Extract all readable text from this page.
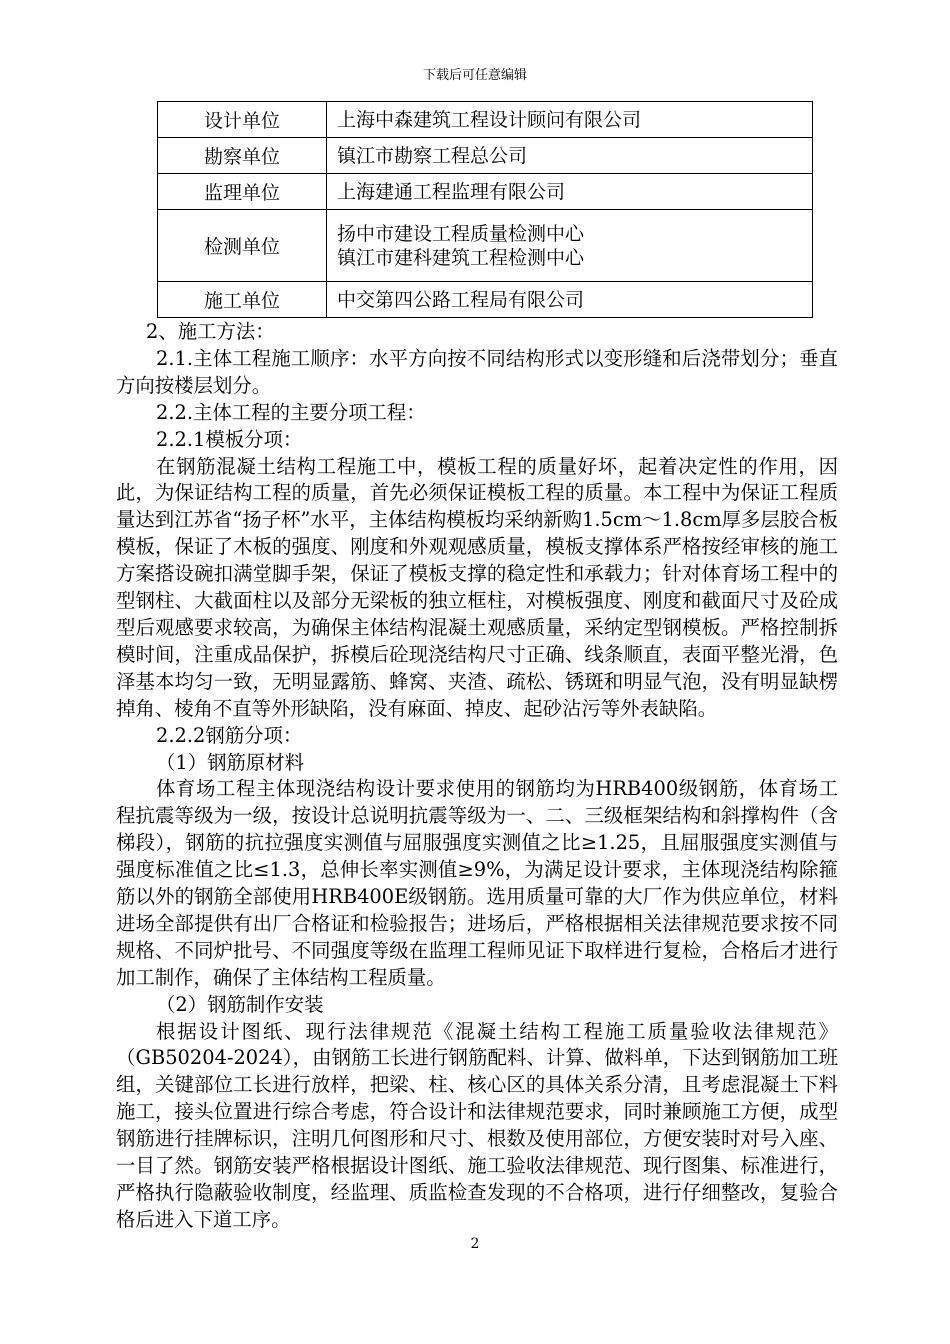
下载后可任意编辑
设计单位	上海中森建筑工程设计顾问有限公司
勘察单位	镇江市勘察工程总公司
监理单位	上海建通工程监理有限公司
检测单位	扬中市建设工程质量检测中心
镇江市建科建筑工程检测中心

施工单位	中交第四公路工程局有限公司

2、施工方法：

2.1.主体工程施工顺序：水平方向按不同结构形式以变形缝和后浇带划分；垂直方向按楼层划分。

2.2.主体工程的主要分项工程：

2.2.1模板分项：

在钢筋混凝土结构工程施工中，模板工程的质量好坏，起着决定性的作用，因此，为保证结构工程的质量，首先必须保证模板工程的质量。本工程中为保证工程质量达到江苏省“扬子杯”水平，主体结构模板均采纳新购1.5cm～1.8cm厚多层胶合板模板，保证了木板的强度、刚度和外观观感质量，模板支撑体系严格按经审核的施工方案搭设碗扣满堂脚手架，保证了模板支撑的稳定性和承载力；针对体育场工程中的型钢柱、大截面柱以及部分无梁板的独立框柱，对模板强度、刚度和截面尺寸及砼成型后观感要求较高，为确保主体结构混凝土观感质量，采纳定型钢模板。严格控制拆模时间，注重成品保护，拆模后砼现浇结构尺寸正确、线条顺直，表面平整光滑，色泽基本均匀一致，无明显露筋、蜂窝、夹渣、疏松、锈斑和明显气泡，没有明显缺楞掉角、棱角不直等外形缺陷，没有麻面、掉皮、起砂沾污等外表缺陷。

2.2.2钢筋分项：

（1）钢筋原材料

体育场工程主体现浇结构设计要求使用的钢筋均为HRB400级钢筋，体育场工程抗震等级为一级，按设计总说明抗震等级为一、二、三级框架结构和斜撑构件（含梯段），钢筋的抗拉强度实测值与屈服强度实测值之比≥1.25，且屈服强度实测值与强度标准值之比≤1.3，总伸长率实测值≥9%，为满足设计要求，主体现浇结构除箍筋以外的钢筋全部使用HRB400E级钢筋。选用质量可靠的大厂作为供应单位，材料进场全部提供有出厂合格证和检验报告；进场后，严格根据相关法律规范要求按不同规格、不同炉批号、不同强度等级在监理工程师见证下取样进行复检，合格后才进行加工制作，确保了主体结构工程质量。

（2）钢筋制作安装

根据设计图纸、现行法律规范《混凝土结构工程施工质量验收法律规范》（GB50204-2024），由钢筋工长进行钢筋配料、计算、做料单，下达到钢筋加工班组，关键部位工长进行放样，把梁、柱、核心区的具体关系分清，且考虑混凝土下料施工，接头位置进行综合考虑，符合设计和法律规范要求，同时兼顾施工方便，成型钢筋进行挂牌标识，注明几何图形和尺寸、根数及使用部位，方便安装时对号入座、一目了然。钢筋安装严格根据设计图纸、施工验收法律规范、现行图集、标准进行，严格执行隐蔽验收制度，经监理、质监检查发现的不合格项，进行仔细整改，复验合格后进入下道工序。

2
